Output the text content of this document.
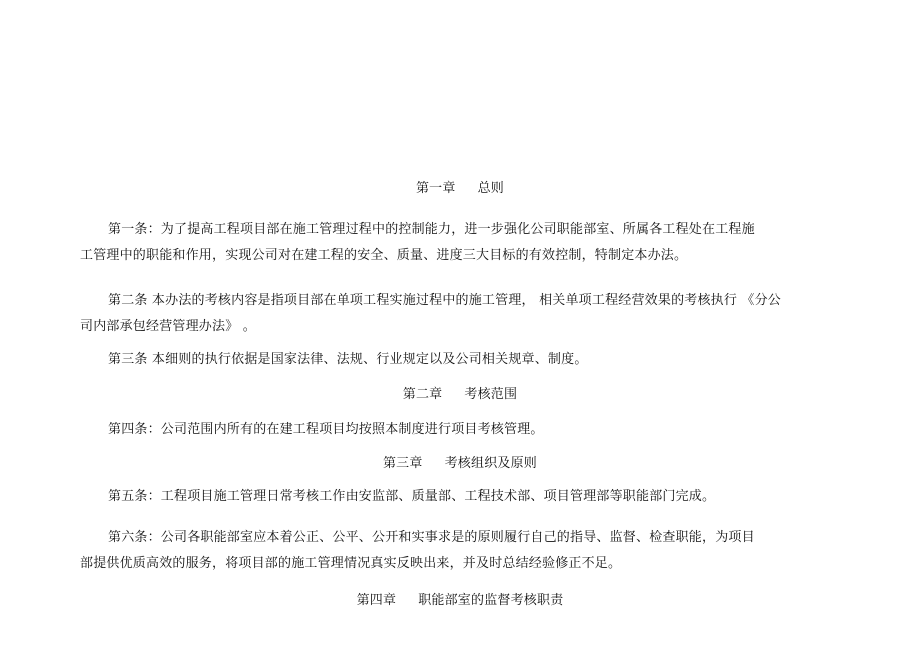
第一章 总则
第一条：为了提高工程项目部在施工管理过程中的控制能力，进一步强化公司职能部室、所属各工程处在工程施
工管理中的职能和作用，实现公司对在建工程的安全、质量、进度三大目标的有效控制，特制定本办法。
第二条 本办法的考核内容是指项目部在单项工程实施过程中的施工管理， 相关单项工程经营效果的考核执行 《分公
司内部承包经营管理办法》 。
第三条 本细则的执行依据是国家法律、法规、行业规定以及公司相关规章、制度。
第二章 考核范围
第四条：公司范围内所有的在建工程项目均按照本制度进行项目考核管理。
第三章 考核组织及原则
第五条：工程项目施工管理日常考核工作由安监部、质量部、工程技术部、项目管理部等职能部门完成。
第六条：公司各职能部室应本着公正、公平、公开和实事求是的原则履行自己的指导、监督、检查职能，为项目
部提供优质高效的服务，将项目部的施工管理情况真实反映出来，并及时总结经验修正不足。
第四章 职能部室的监督考核职责
